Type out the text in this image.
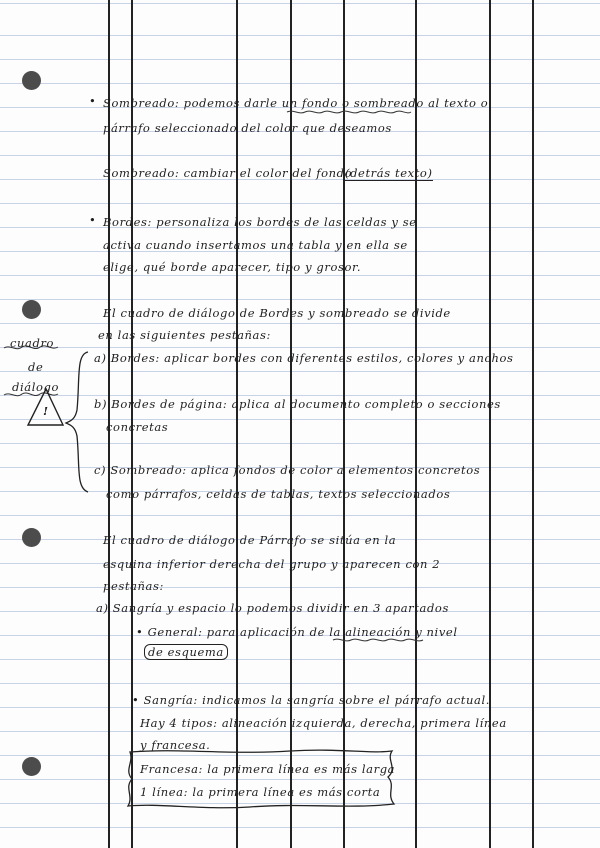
cuadro
de
diálogo
!
• Sombreado: podemos darle un fondo o sombreado al texto o
párrafo seleccionado del color que deseamos
Sombreado: cambiar el color del fondo
(detrás texto)
• Bordes: personaliza los bordes de las celdas y se
activa cuando insertamos una tabla y en ella se
elige, qué borde aparecer, tipo y grosor.
El cuadro de diálogo de Bordes y sombreado se divide
en las siguientes pestañas:
a) Bordes: aplicar bordes con diferentes estilos, colores y anchos
b) Bordes de página: aplica al documento completo o secciones
concretas
c) Sombreado: aplica fondos de color a elementos concretos
como párrafos, celdas de tablas, textos seleccionados
El cuadro de diálogo de Párrafo se sitúa en la
esquina inferior derecha del grupo y aparecen con 2
pestañas:
a) Sangría y espacio lo podemos dividir en 3 apartados
• General: para aplicación de la alineación y nivel
de esquema
• Sangría: indicamos la sangría sobre el párrafo actual.
Hay 4 tipos: alineación izquierda, derecha, primera línea
y francesa.
Francesa: la primera línea es más larga
1 línea: la primera línea es más corta
